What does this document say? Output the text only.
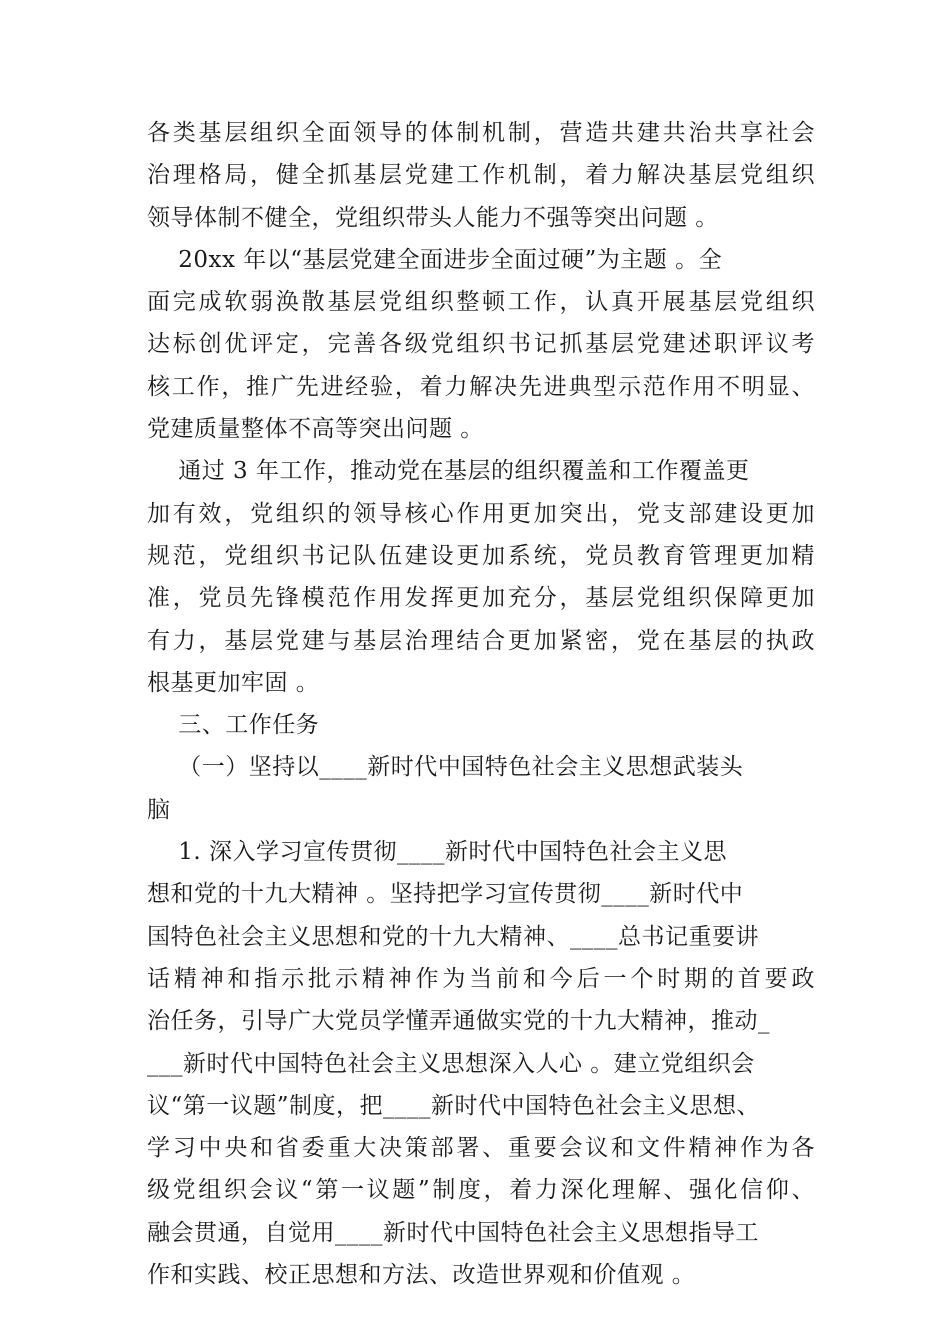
各类基层组织全面领导的体制机制，营造共建共治共享社会
治理格局，健全抓基层党建工作机制，着力解决基层党组织
领导体制不健全，党组织带头人能力不强等突出问题 。
20xx 年以“基层党建全面进步全面过硬”为主题 。全
面完成软弱涣散基层党组织整顿工作，认真开展基层党组织
达标创优评定，完善各级党组织书记抓基层党建述职评议考
核工作，推广先进经验，着力解决先进典型示范作用不明显、
党建质量整体不高等突出问题 。
通过 3 年工作，推动党在基层的组织覆盖和工作覆盖更
加有效，党组织的领导核心作用更加突出，党支部建设更加
规范，党组织书记队伍建设更加系统，党员教育管理更加精
准，党员先锋模范作用发挥更加充分，基层党组织保障更加
有力，基层党建与基层治理结合更加紧密，党在基层的执政
根基更加牢固 。
三、工作任务
（一）坚持以____新时代中国特色社会主义思想武装头
脑
1. 深入学习宣传贯彻____新时代中国特色社会主义思
想和党的十九大精神 。坚持把学习宣传贯彻____新时代中
国特色社会主义思想和党的十九大精神、____总书记重要讲
话精神和指示批示精神作为当前和今后一个时期的首要政
治任务，引导广大党员学懂弄通做实党的十九大精神，推动_
___新时代中国特色社会主义思想深入人心 。建立党组织会
议“第一议题”制度，把____新时代中国特色社会主义思想、
学习中央和省委重大决策部署、重要会议和文件精神作为各
级党组织会议“第一议题”制度，着力深化理解、强化信仰、
融会贯通，自觉用____新时代中国特色社会主义思想指导工
作和实践、校正思想和方法、改造世界观和价值观 。
